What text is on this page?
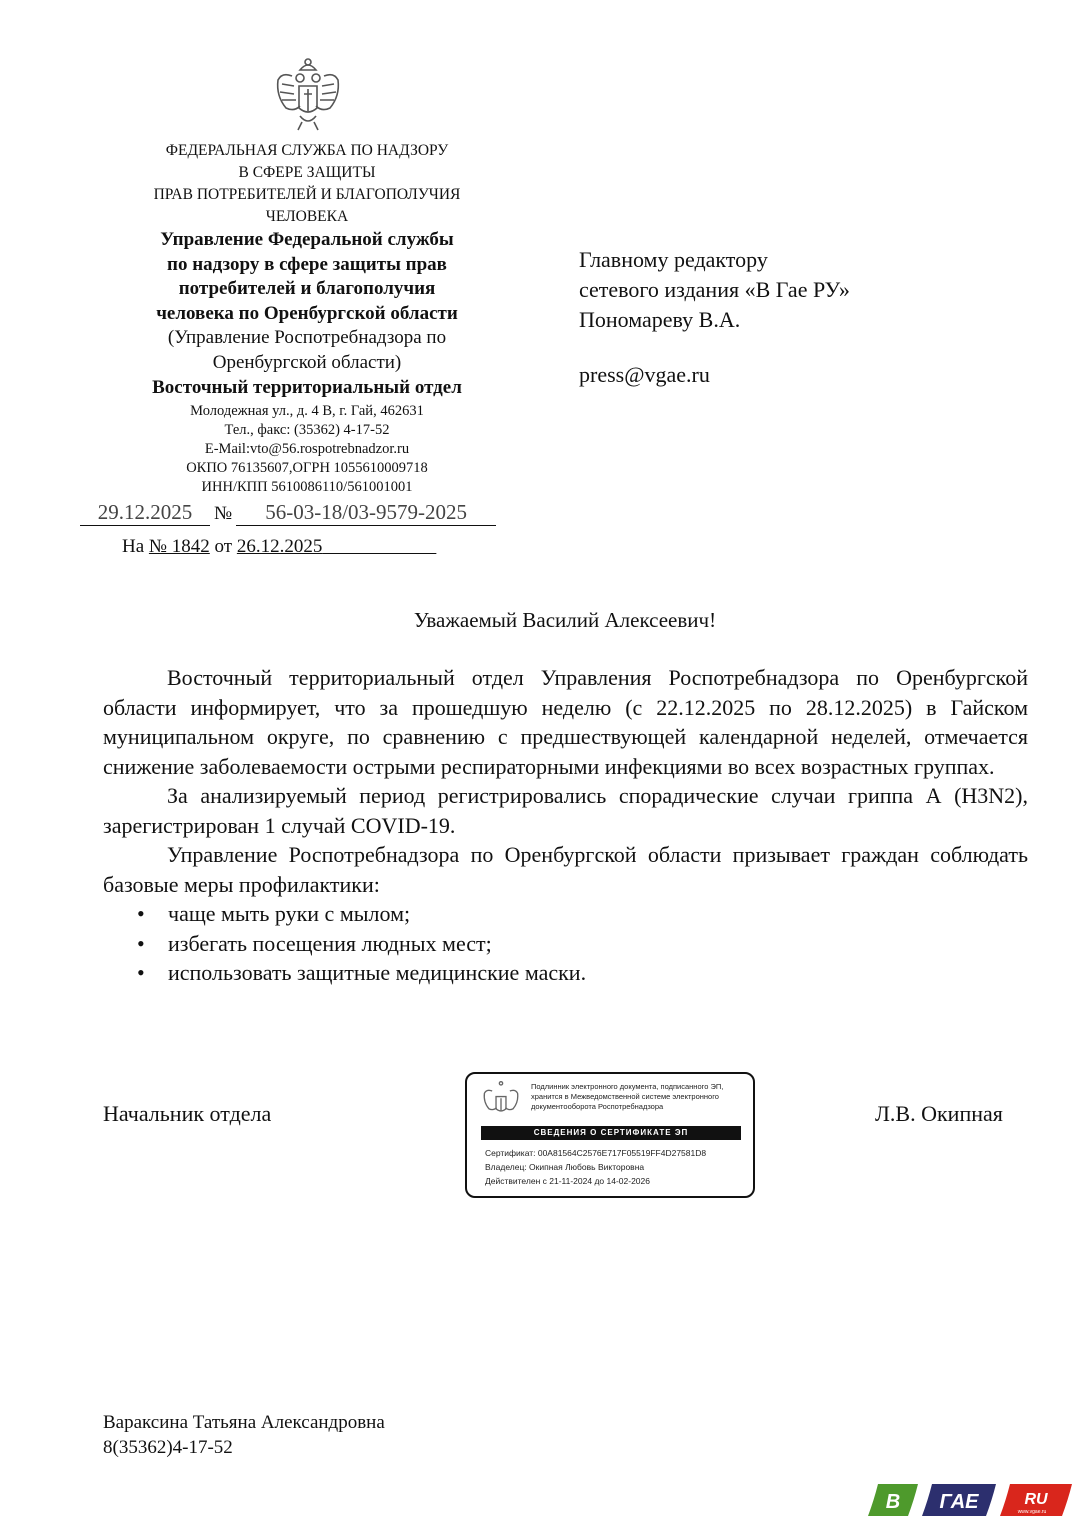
ФЕДЕРАЛЬНАЯ СЛУЖБА ПО НАДЗОРУ
В СФЕРЕ ЗАЩИТЫ
ПРАВ ПОТРЕБИТЕЛЕЙ И БЛАГОПОЛУЧИЯ
ЧЕЛОВЕКА
Управление Федеральной службы
по надзору в сфере защиты прав
потребителей и благополучия
человека по Оренбургской области
(Управление Роспотребнадзора по
Оренбургской области)
Восточный территориальный отдел
Молодежная ул., д. 4 В, г. Гай, 462631
Тел., факс: (35362) 4-17-52
E-Mail:vto@56.rospotrebnadzor.ru
ОКПО 76135607,ОГРН 1055610009718
ИНН/КПП 5610086110/561001001
29.12.2025 № 56-03-18/03-9579-2025
На № 1842 от 26.12.2025
Главному редактору
сетевого издания «В Гае РУ»
Пономареву В.А.
press@vgae.ru
Уважаемый Василий Алексеевич!

Восточный территориальный отдел Управления Роспотребнадзора по Оренбургской области информирует, что за прошедшую неделю (с 22.12.2025 по 28.12.2025) в Гайском муниципальном округе, по сравнению с предшествующей календарной неделей, отмечается снижение заболеваемости острыми респираторными инфекциями во всех возрастных группах.

За анализируемый период регистрировались спорадические случаи гриппа А (H3N2), зарегистрирован 1 случай COVID-19.

Управление Роспотребнадзора по Оренбургской области призывает граждан соблюдать базовые меры профилактики:

• чаще мыть руки с мылом;
• избегать посещения людных мест;
• использовать защитные медицинские маски.
Начальник отдела	Л.В. Окипная
Подлинник электронного документа, подписанного ЭП, хранится в Межведомственной системе электронного документооборота Роспотребнадзора
СВЕДЕНИЯ О СЕРТИФИКАТЕ ЭП
Сертификат: 00A81564C2576E717F05519FF4D27581D8
Владелец: Окипная Любовь Викторовна
Действителен с 21-11-2024 до 14-02-2026
Вараксина Татьяна Александровна
8(35362)4-17-52
В ГАЕ	RU
www.vgae.ru
